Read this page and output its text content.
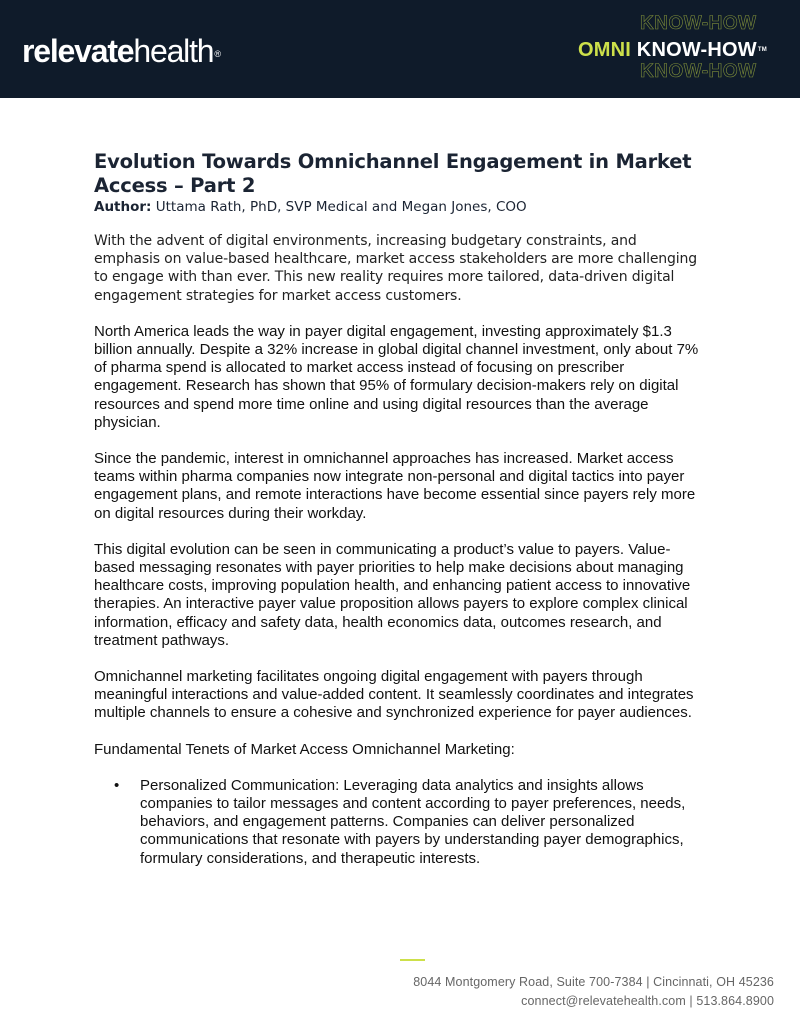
relevatehealth®
KNOW-HOW
OMNI KNOW-HOW™
KNOW-HOW
Evolution Towards Omnichannel Engagement in Market Access – Part 2

Author: Uttama Rath, PhD, SVP Medical and Megan Jones, COO

With the advent of digital environments, increasing budgetary constraints, and emphasis on value-based healthcare, market access stakeholders are more challenging to engage with than ever. This new reality requires more tailored, data-driven digital engagement strategies for market access customers.

North America leads the way in payer digital engagement, investing approximately $1.3 billion annually. Despite a 32% increase in global digital channel investment, only about 7% of pharma spend is allocated to market access instead of focusing on prescriber engagement. Research has shown that 95% of formulary decision-makers rely on digital resources and spend more time online and using digital resources than the average physician.

Since the pandemic, interest in omnichannel approaches has increased. Market access teams within pharma companies now integrate non-personal and digital tactics into payer engagement plans, and remote interactions have become essential since payers rely more on digital resources during their workday.

This digital evolution can be seen in communicating a product’s value to payers. Value-based messaging resonates with payer priorities to help make decisions about managing healthcare costs, improving population health, and enhancing patient access to innovative therapies. An interactive payer value proposition allows payers to explore complex clinical information, efficacy and safety data, health economics data, outcomes research, and treatment pathways.

Omnichannel marketing facilitates ongoing digital engagement with payers through meaningful interactions and value-added content. It seamlessly coordinates and integrates multiple channels to ensure a cohesive and synchronized experience for payer audiences.

Fundamental Tenets of Market Access Omnichannel Marketing:

• Personalized Communication: Leveraging data analytics and insights allows companies to tailor messages and content according to payer preferences, needs, behaviors, and engagement patterns. Companies can deliver personalized communications that resonate with payers by understanding payer demographics, formulary considerations, and therapeutic interests.
8044 Montgomery Road, Suite 700-7384 | Cincinnati, OH 45236
connect@relevatehealth.com | 513.864.8900
